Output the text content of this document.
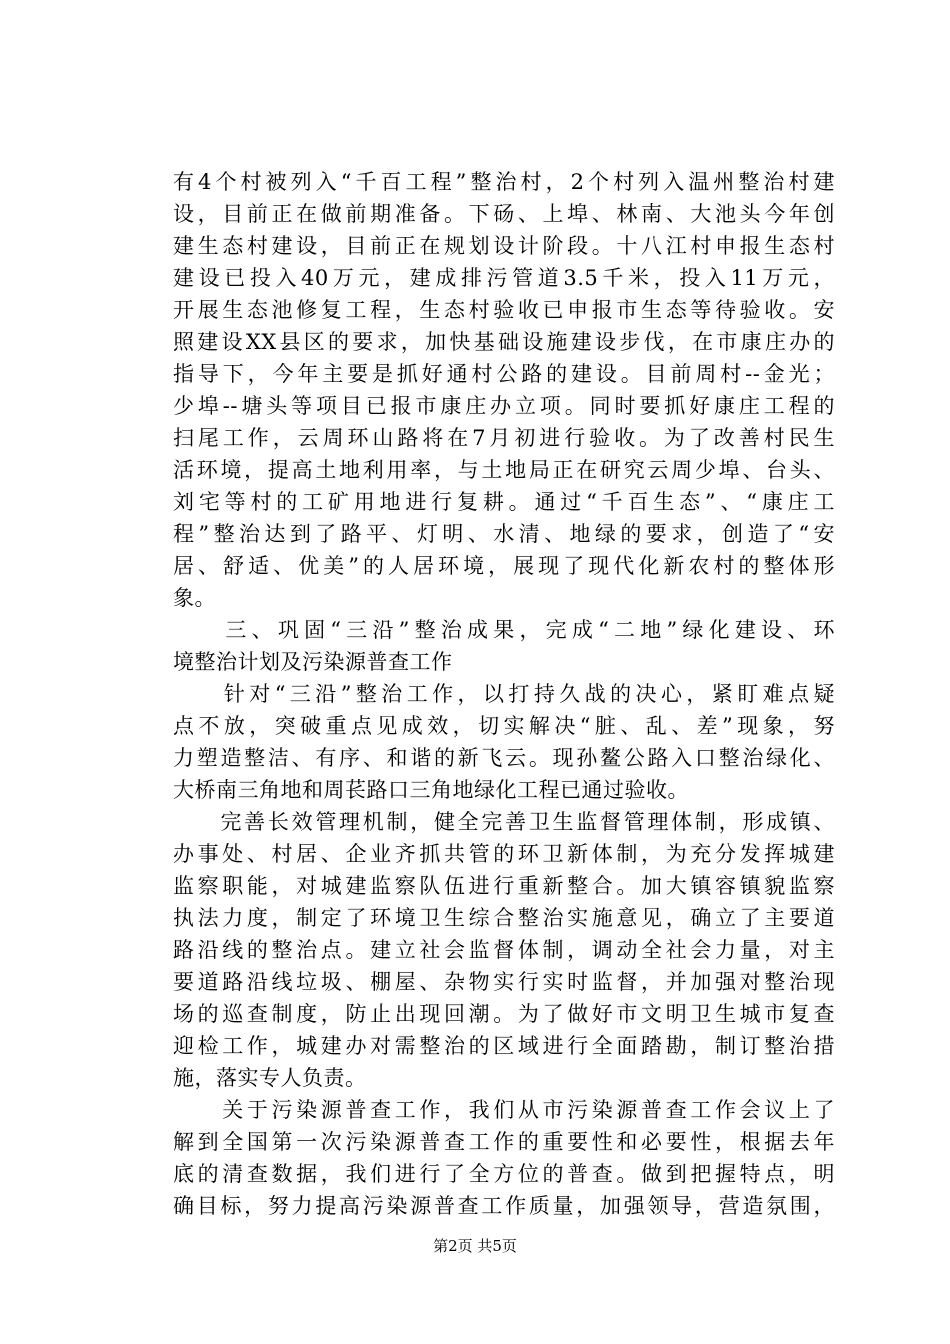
有4个村被列入“千百工程”整治村，2个村列入温州整治村建
设，目前正在做前期准备。下砀、上埠、林南、大池头今年创
建生态村建设，目前正在规划设计阶段。十八江村申报生态村
建设已投入40万元，建成排污管道3.5千米，投入11万元，
开展生态池修复工程，生态村验收已申报市生态等待验收。安
照建设XX县区的要求，加快基础设施建设步伐，在市康庄办的
指导下，今年主要是抓好通村公路的建设。目前周村--金光；
少埠--塘头等项目已报市康庄办立项。同时要抓好康庄工程的
扫尾工作，云周环山路将在7月初进行验收。为了改善村民生
活环境，提高土地利用率，与土地局正在研究云周少埠、台头、
刘宅等村的工矿用地进行复耕。通过“千百生态”、“康庄工
程”整治达到了路平、灯明、水清、地绿的要求，创造了“安
居、舒适、优美”的人居环境，展现了现代化新农村的整体形
象。
　　三、巩固“三沿”整治成果，完成“二地”绿化建设、环
境整治计划及污染源普查工作
　　针对“三沿”整治工作，以打持久战的决心，紧盯难点疑
点不放，突破重点见成效，切实解决“脏、乱、差”现象，努
力塑造整洁、有序、和谐的新飞云。现孙鳌公路入口整治绿化、
大桥南三角地和周苌路口三角地绿化工程已通过验收。
　　完善长效管理机制，健全完善卫生监督管理体制，形成镇、
办事处、村居、企业齐抓共管的环卫新体制，为充分发挥城建
监察职能，对城建监察队伍进行重新整合。加大镇容镇貌监察
执法力度，制定了环境卫生综合整治实施意见，确立了主要道
路沿线的整治点。建立社会监督体制，调动全社会力量，对主
要道路沿线垃圾、棚屋、杂物实行实时监督，并加强对整治现
场的巡查制度，防止出现回潮。为了做好市文明卫生城市复查
迎检工作，城建办对需整治的区域进行全面踏勘，制订整治措
施，落实专人负责。
　　关于污染源普查工作，我们从市污染源普查工作会议上了
解到全国第一次污染源普查工作的重要性和必要性，根据去年
底的清查数据，我们进行了全方位的普查。做到把握特点，明
确目标，努力提高污染源普查工作质量，加强领导，营造氛围，
第2页 共5页
